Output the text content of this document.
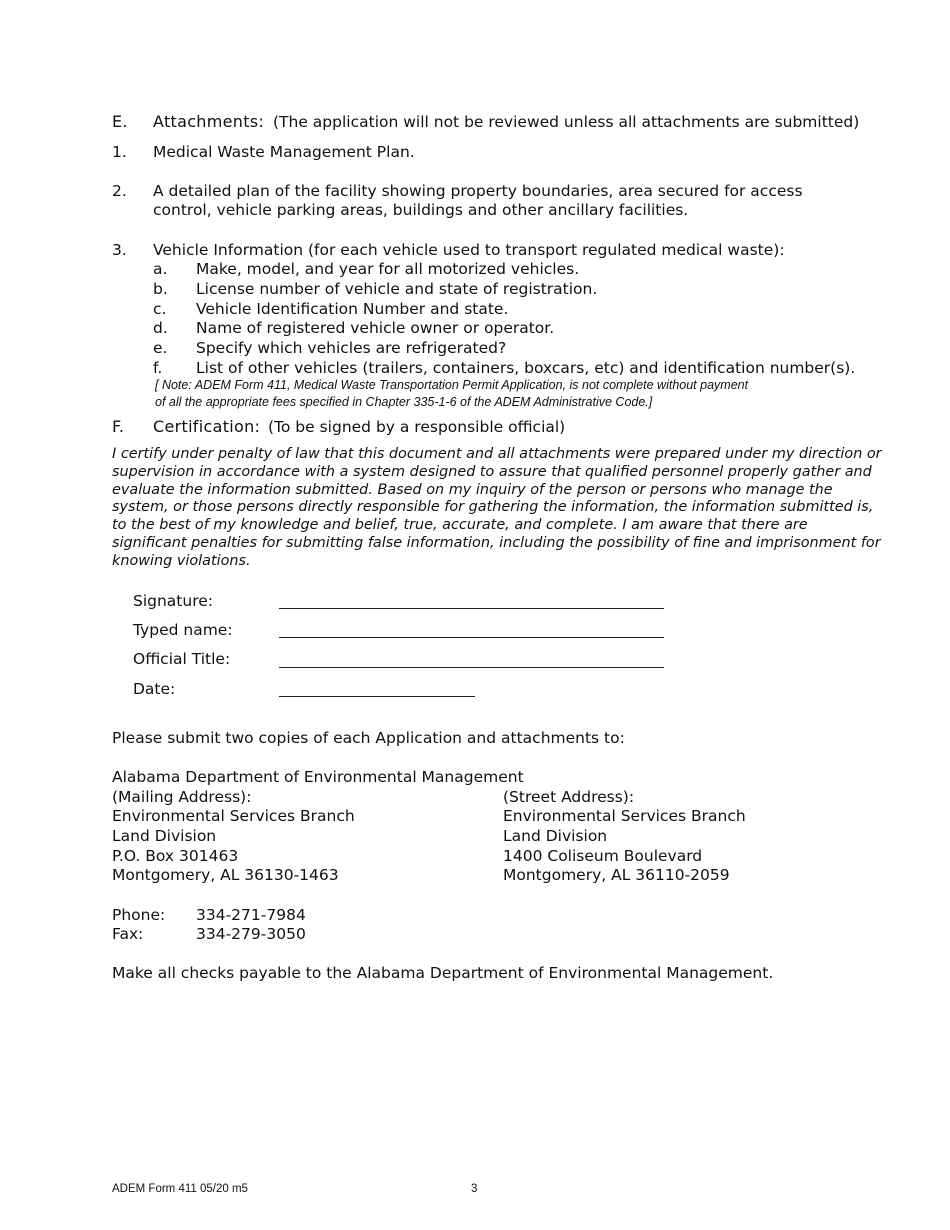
E. Attachments: (The application will not be reviewed unless all attachments are submitted)
1. Medical Waste Management Plan.
2. A detailed plan of the facility showing property boundaries, area secured for access
control, vehicle parking areas, buildings and other ancillary facilities.
3. Vehicle Information (for each vehicle used to transport regulated medical waste):
a. Make, model, and year for all motorized vehicles.
b. License number of vehicle and state of registration.
c. Vehicle Identification Number and state.
d. Name of registered vehicle owner or operator.
e. Specify which vehicles are refrigerated?
f. List of other vehicles (trailers, containers, boxcars, etc) and identification number(s).
[ Note: ADEM Form 411, Medical Waste Transportation Permit Application, is not complete without payment
of all the appropriate fees specified in Chapter 335-1-6 of the ADEM Administrative Code.]
F. Certification: (To be signed by a responsible official)
I certify under penalty of law that this document and all attachments were prepared under my direction or
supervision in accordance with a system designed to assure that qualified personnel properly gather and
evaluate the information submitted. Based on my inquiry of the person or persons who manage the
system, or those persons directly responsible for gathering the information, the information submitted is,
to the best of my knowledge and belief, true, accurate, and complete. I am aware that there are
significant penalties for submitting false information, including the possibility of fine and imprisonment for
knowing violations.
Signature:
Typed name:
Official Title:
Date:
Please submit two copies of each Application and attachments to:
Alabama Department of Environmental Management
(Mailing Address):
Environmental Services Branch
Land Division
P.O. Box 301463
Montgomery, AL 36130-1463
(Street Address):
Environmental Services Branch
Land Division
1400 Coliseum Boulevard
Montgomery, AL 36110-2059
Phone: 334-271-7984
Fax:	334-279-3050
Make all checks payable to the Alabama Department of Environmental Management.
ADEM Form 411 05/20 m5	3
